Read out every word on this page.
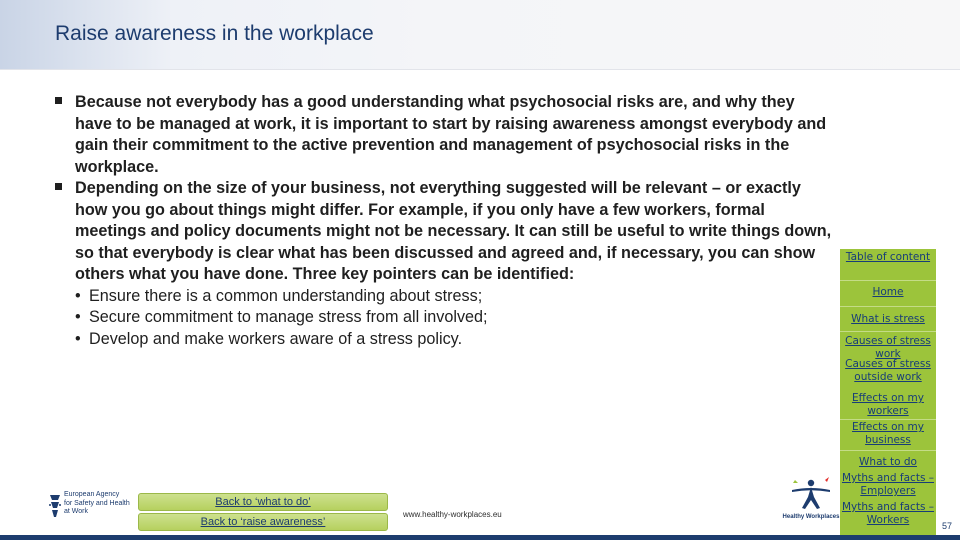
Raise awareness in the workplace
Because not everybody has a good understanding what psychosocial risks are, and why they have to be managed at work, it is important to start by raising awareness amongst everybody and gain their commitment to the active prevention and management of psychosocial risks in the workplace.
Depending on the size of your business, not everything suggested will be relevant – or exactly how you go about things might differ. For example, if you only have a few workers, formal meetings and policy documents might not be necessary. It can still be useful to write things down, so that everybody is clear what has been discussed and agreed and, if necessary, you can show others what you have done. Three key pointers can be identified:
• Ensure there is a common understanding about stress;
• Secure commitment to manage stress from all involved;
• Develop and make workers aware of a stress policy.
Table of content
Home
What is stress
Causes of stress work
Causes of stress outside work
Effects on my workers
Effects on my business
What to do
Myths and facts – Employers
Myths and facts – Workers
European Agency
for Safety and Health
at Work
Back to ‘what to do’
Back to ‘raise awareness’
www.healthy-workplaces.eu	Healthy Workplaces
57
